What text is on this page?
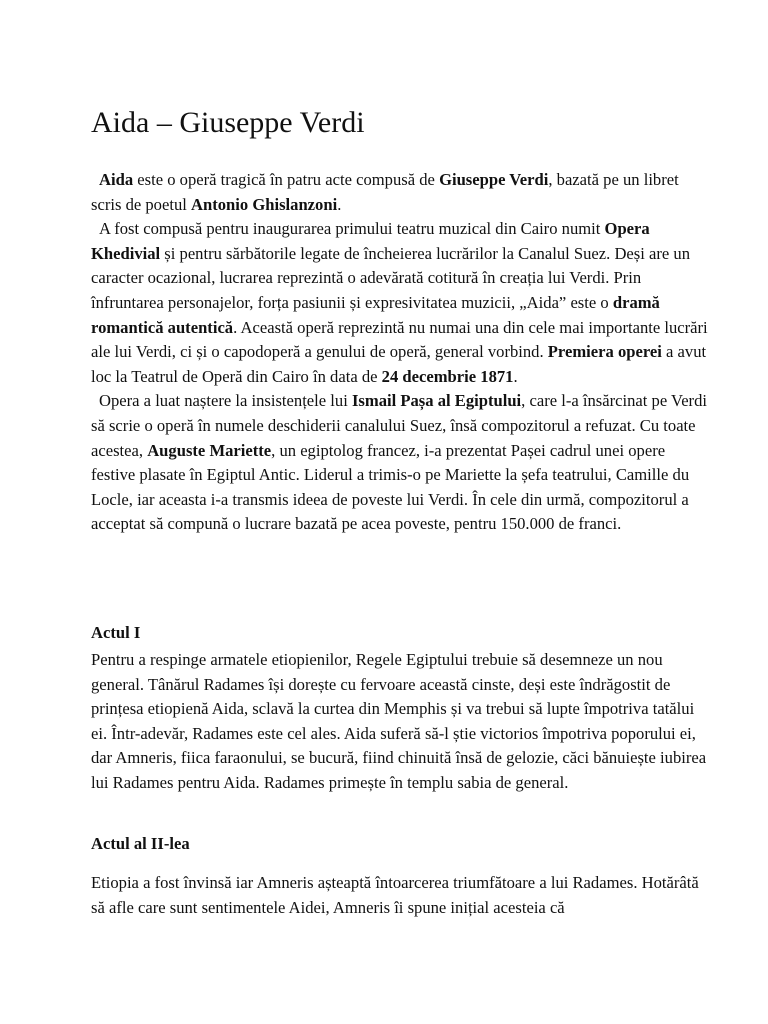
Aida – Giuseppe Verdi

Aida este o operă tragică în patru acte compusă de Giuseppe Verdi, bazată pe un libret scris de poetul Antonio Ghislanzoni.

A fost compusă pentru inaugurarea primului teatru muzical din Cairo numit Opera Khedivial și pentru sărbătorile legate de încheierea lucrărilor la Canalul Suez. Deși are un caracter ocazional, lucrarea reprezintă o adevărată cotitură în creația lui Verdi. Prin înfruntarea personajelor, forța pasiunii și expresivitatea muzicii, „Aida” este o dramă romantică autentică. Această operă reprezintă nu numai una din cele mai importante lucrări ale lui Verdi, ci și o capodoperă a genului de operă, general vorbind. Premiera operei a avut loc la Teatrul de Operă din Cairo în data de 24 decembrie 1871.

Opera a luat naștere la insistențele lui Ismail Pașa al Egiptului, care l-a însărcinat pe Verdi să scrie o operă în numele deschiderii canalului Suez, însă compozitorul a refuzat. Cu toate acestea, Auguste Mariette, un egiptolog francez, i-a prezentat Pașei cadrul unei opere festive plasate în Egiptul Antic. Liderul a trimis-o pe Mariette la șefa teatrului, Camille du Locle, iar aceasta i-a transmis ideea de poveste lui Verdi. În cele din urmă, compozitorul a acceptat să compună o lucrare bazată pe acea poveste, pentru 150.000 de franci.

Actul I

Pentru a respinge armatele etiopienilor, Regele Egiptului trebuie să desemneze un nou general. Tânărul Radames își dorește cu fervoare această cinste, deși este îndrăgostit de prințesa etiopienă Aida, sclavă la curtea din Memphis și va trebui să lupte împotriva tatălui ei. Într-adevăr, Radames este cel ales. Aida suferă să-l știe victorios împotriva poporului ei, dar Amneris, fiica faraonului, se bucură, fiind chinuită însă de gelozie, căci bănuiește iubirea lui Radames pentru Aida. Radames primește în templu sabia de general.

Actul al II-lea

Etiopia a fost învinsă iar Amneris așteaptă întoarcerea triumfătoare a lui Radames. Hotărâtă să afle care sunt sentimentele Aidei, Amneris îi spune inițial acesteia că
